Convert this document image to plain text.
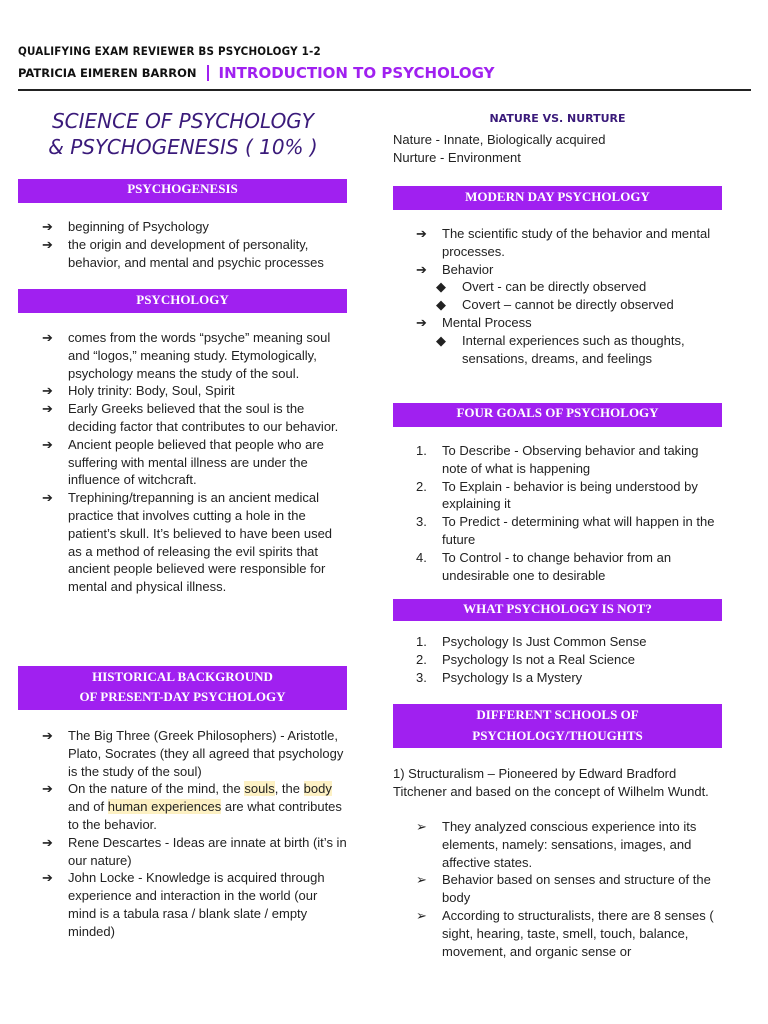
QUALIFYING EXAM REVIEWER BS PSYCHOLOGY 1-2
PATRICIA EIMEREN BARRON INTRODUCTION TO PSYCHOLOGY
SCIENCE OF PSYCHOLOGY
& PSYCHOGENESIS ( 10% )
PSYCHOGENESIS
➔ beginning of Psychology
➔ the origin and development of personality, behavior, and mental and psychic processes
PSYCHOLOGY
➔ comes from the words “psyche” meaning soul and “logos,” meaning study. Etymologically, psychology means the study of the soul.
➔ Holy trinity: Body, Soul, Spirit
➔ Early Greeks believed that the soul is the deciding factor that contributes to our behavior.
➔ Ancient people believed that people who are suffering with mental illness are under the influence of witchcraft.
➔ Trephining/trepanning is an ancient medical practice that involves cutting a hole in the patient’s skull. It’s believed to have been used as a method of releasing the evil spirits that ancient people believed were responsible for mental and physical illness.
HISTORICAL BACKGROUND
OF PRESENT-DAY PSYCHOLOGY
➔ The Big Three (Greek Philosophers) - Aristotle, Plato, Socrates (they all agreed that psychology is the study of the soul)
➔ On the nature of the mind, the souls, the body and of human experiences are what contributes to the behavior.
➔ Rene Descartes - Ideas are innate at birth (it’s in our nature)
➔ John Locke - Knowledge is acquired through experience and interaction in the world (our mind is a tabula rasa / blank slate / empty minded)
NATURE VS. NURTURE
Nature - Innate, Biologically acquired
Nurture - Environment
MODERN DAY PSYCHOLOGY
➔ The scientific study of the behavior and mental processes.
➔ Behavior
◆ Overt - can be directly observed
◆ Covert – cannot be directly observed
➔ Mental Process
◆ Internal experiences such as thoughts, sensations, dreams, and feelings
FOUR GOALS OF PSYCHOLOGY
1. To Describe - Observing behavior and taking note of what is happening
2. To Explain - behavior is being understood by explaining it
3. To Predict - determining what will happen in the future
4. To Control - to change behavior from an undesirable one to desirable
WHAT PSYCHOLOGY IS NOT?
1. Psychology Is Just Common Sense
2. Psychology Is not a Real Science
3. Psychology Is a Mystery
DIFFERENT SCHOOLS OF
PSYCHOLOGY/THOUGHTS
1) Structuralism – Pioneered by Edward Bradford Titchener and based on the concept of Wilhelm Wundt.
➢ They analyzed conscious experience into its elements, namely: sensations, images, and affective states.
➢ Behavior based on senses and structure of the body
➢ According to structuralists, there are 8 senses ( sight, hearing, taste, smell, touch, balance, movement, and organic sense or
